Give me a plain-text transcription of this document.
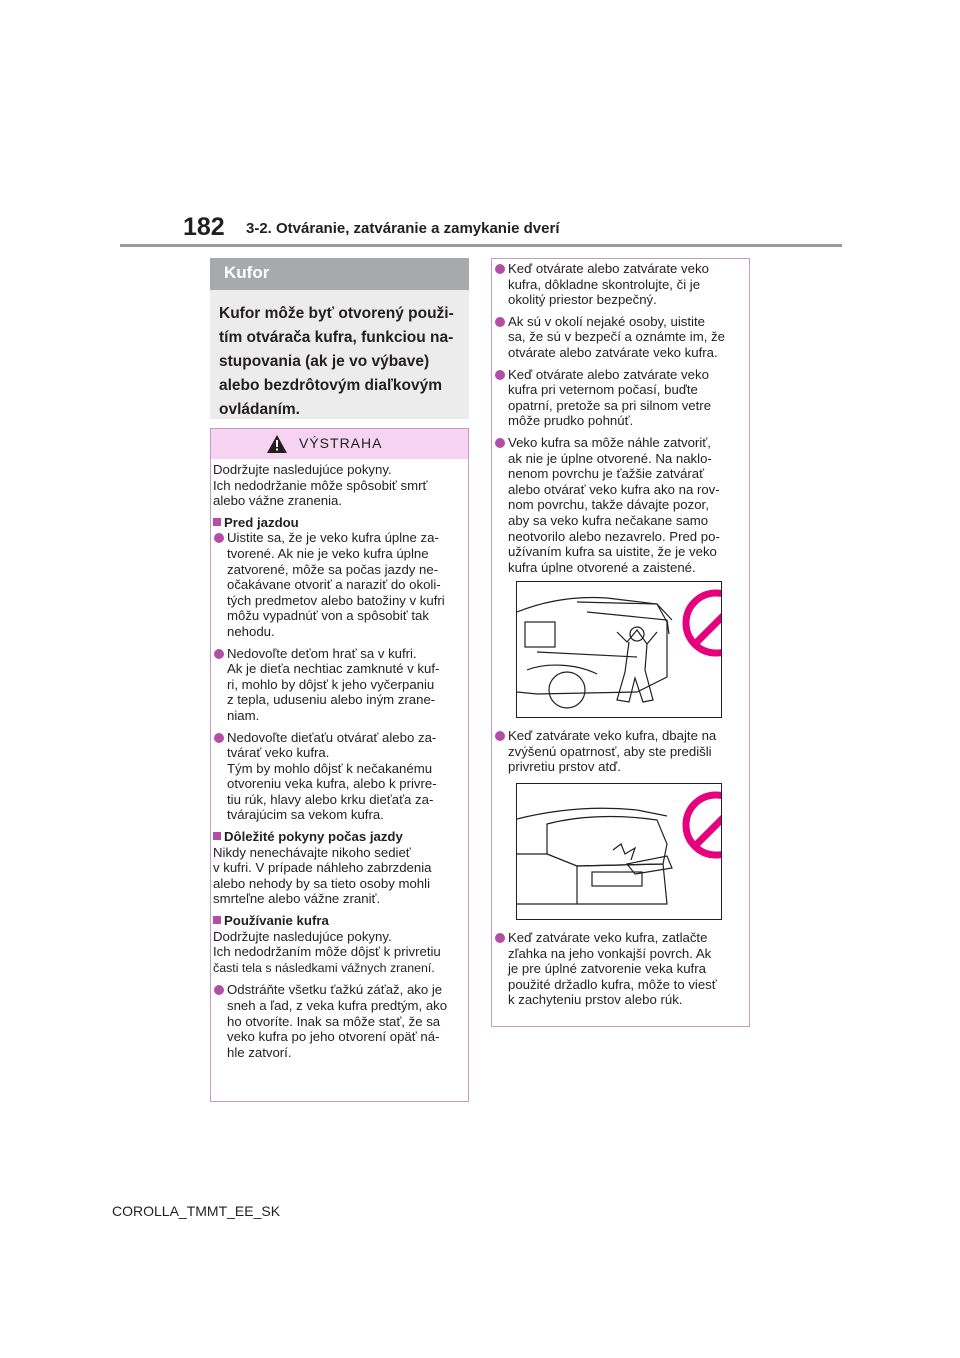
182 3-2. Otváranie, zatváranie a zamykanie dverí
Kufor
Kufor môže byť otvorený použi-
tím otvárača kufra, funkciou na-
stupovania (ak je vo výbave)
alebo bezdrôtovým diaľkovým
ovládaním.
VÝSTRAHA

Dodržujte nasledujúce pokyny.
Ich nedodržanie môže spôsobiť smrť
alebo vážne zranenia.

Pred jazdou
Uistite sa, že je veko kufra úplne za-
tvorené. Ak nie je veko kufra úplne
zatvorené, môže sa počas jazdy ne-
očakávane otvoriť a naraziť do okoli-
tých predmetov alebo batožiny v kufri
môžu vypadnúť von a spôsobiť tak
nehodu.
Nedovoľte deťom hrať sa v kufri.
Ak je dieťa nechtiac zamknuté v kuf-
ri, mohlo by dôjsť k jeho vyčerpaniu
z tepla, uduseniu alebo iným zrane-
niam.
Nedovoľte dieťaťu otvárať alebo za-
tvárať veko kufra.
Tým by mohlo dôjsť k nečakanému
otvoreniu veka kufra, alebo k privre-
tiu rúk, hlavy alebo krku dieťaťa za-
tvárajúcim sa vekom kufra.
Dôležité pokyny počas jazdy

Nikdy nenechávajte nikoho sedieť
v kufri. V prípade náhleho zabrzdenia
alebo nehody by sa tieto osoby mohli
smrteľne alebo vážne zraniť.

Používanie kufra

Dodržujte nasledujúce pokyny.
Ich nedodržaním môže dôjsť k privretiu
časti tela s následkami vážnych zranení.

Odstráňte všetku ťažkú záťaž, ako je
sneh a ľad, z veka kufra predtým, ako
ho otvoríte. Inak sa môže stať, že sa
veko kufra po jeho otvorení opäť ná-
hle zatvorí.
Keď otvárate alebo zatvárate veko
kufra, dôkladne skontrolujte, či je
okolitý priestor bezpečný.
Ak sú v okolí nejaké osoby, uistite
sa, že sú v bezpečí a oznámte im, že
otvárate alebo zatvárate veko kufra.
Keď otvárate alebo zatvárate veko
kufra pri veternom počasí, buďte
opatrní, pretože sa pri silnom vetre
môže prudko pohnúť.
Veko kufra sa môže náhle zatvoriť,
ak nie je úplne otvorené. Na naklo-
nenom povrchu je ťažšie zatvárať
alebo otvárať veko kufra ako na rov-
nom povrchu, takže dávajte pozor,
aby sa veko kufra nečakane samo
neotvorilo alebo nezavrelo. Pred po-
užívaním kufra sa uistite, že je veko
kufra úplne otvorené a zaistené.
Keď zatvárate veko kufra, dbajte na
zvýšenú opatrnosť, aby ste predišli
privretiu prstov atď.
Keď zatvárate veko kufra, zatlačte
zľahka na jeho vonkajší povrch. Ak
je pre úplné zatvorenie veka kufra
použité držadlo kufra, môže to viesť
k zachyteniu prstov alebo rúk.
COROLLA_TMMT_EE_SK
